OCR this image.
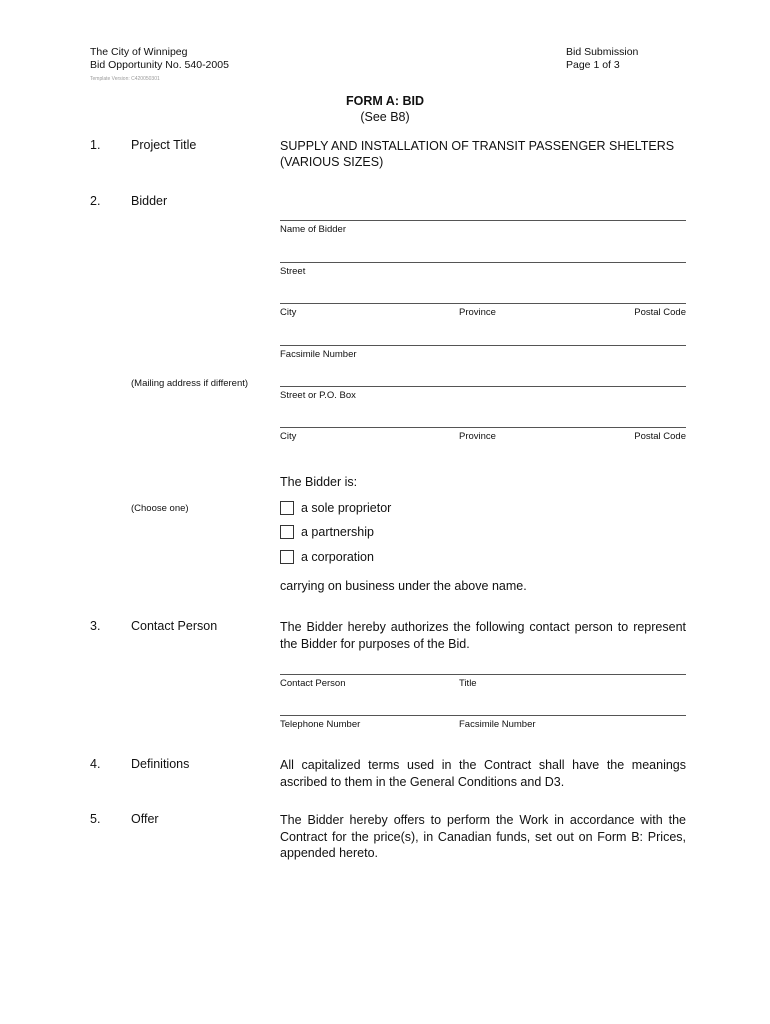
The City of Winnipeg
Bid Opportunity No. 540-2005
Template Version: C420050301
Bid Submission
Page 1 of 3
FORM A: BID
(See B8)
1. Project Title	SUPPLY AND INSTALLATION OF TRANSIT PASSENGER SHELTERS
(VARIOUS SIZES)
2. Bidder
Name of Bidder
Street
City	Province	Postal Code
Facsimile Number
(Mailing address if different)
Street or P.O. Box
City	Province	Postal Code
The Bidder is:
(Choose one)	a sole proprietor
a partnership
a corporation
carrying on business under the above name.
3. Contact Person	The Bidder hereby authorizes the following contact person to represent the Bidder for purposes of the Bid.
Contact Person	Title
Telephone Number	Facsimile Number
4. Definitions	All capitalized terms used in the Contract shall have the meanings ascribed to them in the General Conditions and D3.
5. Offer	The Bidder hereby offers to perform the Work in accordance with the Contract for the price(s), in Canadian funds, set out on Form B: Prices, appended hereto.
